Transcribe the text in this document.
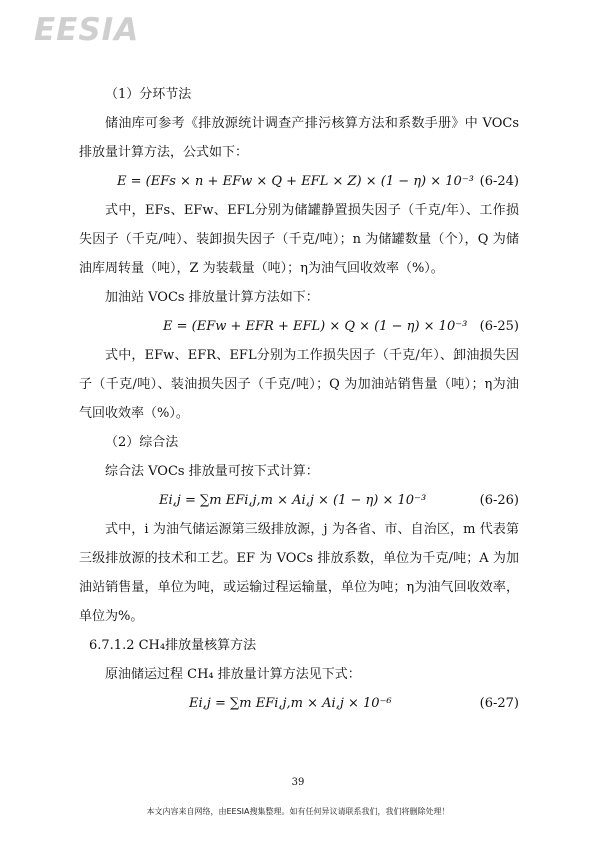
EESIA

（1）分环节法

储油库可参考《排放源统计调查产排污核算方法和系数手册》中 VOCs 排放量计算方法，公式如下：

E = (EFs × n + EFw × Q + EFL × Z) × (1 − η) × 10⁻³ (6-24)

式中，EFs、EFw、EFL分别为储罐静置损失因子（千克/年）、工作损失因子（千克/吨）、装卸损失因子（千克/吨）；n 为储罐数量（个），Q 为储油库周转量（吨），Z 为装载量（吨）；η为油气回收效率（%）。

加油站 VOCs 排放量计算方法如下：

E = (EFw + EFR + EFL) × Q × (1 − η) × 10⁻³ (6-25)

式中，EFw、EFR、EFL分别为工作损失因子（千克/年）、卸油损失因子（千克/吨）、装油损失因子（千克/吨）；Q 为加油站销售量（吨）；η为油气回收效率（%）。

（2）综合法

综合法 VOCs 排放量可按下式计算：

Ei,j = ∑m EFi,j,m × Ai,j × (1 − η) × 10⁻³	(6-26)

式中，i 为油气储运源第三级排放源，j 为各省、市、自治区，m 代表第三级排放源的技术和工艺。EF 为 VOCs 排放系数，单位为千克/吨；A 为加油站销售量，单位为吨，或运输过程运输量，单位为吨；η为油气回收效率，单位为%。

6.7.1.2 CH₄排放量核算方法

原油储运过程 CH₄ 排放量计算方法见下式：

Ei,j = ∑m EFi,j,m × Ai,j × 10⁻⁶	(6-27)
39
本文内容来自网络，由EESIA搜集整理。如有任何异议请联系我们，我们将删除处理！
